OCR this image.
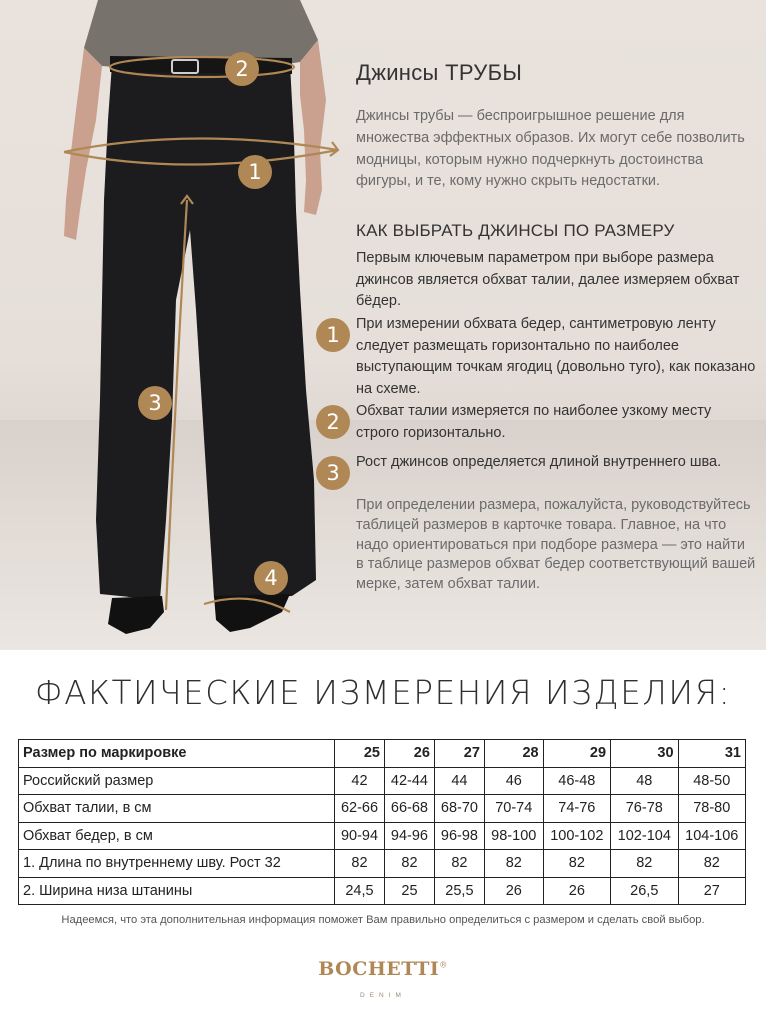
2
1
3
4
Джинсы ТРУБЫ
Джинсы трубы — беспроигрышное решение для множества эффектных образов. Их могут себе позволить модницы, которым нужно подчеркнуть достоинства фигуры, и те, кому нужно скрыть недостатки.
КАК ВЫБРАТЬ ДЖИНСЫ ПО РАЗМЕРУ
Первым ключевым параметром при выборе размера джинсов является обхват талии, далее измеряем обхват бёдер.
1	При измерении обхвата бедер, сантиметровую ленту следует размещать горизонтально по наиболее выступающим точкам ягодиц (довольно туго), как показано на схеме.
2	Обхват талии измеряется по наиболее узкому месту строго горизонтально.
3	Рост джинсов определяется длиной внутреннего шва.
При определении размера, пожалуйста, руководствуйтесь таблицей размеров в карточке товара. Главное, на что надо ориентироваться при подборе размера — это найти в таблице размеров обхват бедер соответствующий вашей мерке, затем обхват талии.
ФАКТИЧЕСКИЕ ИЗМЕРЕНИЯ ИЗДЕЛИЯ:
Размер по маркировке	25	26	27	28	29	30	31
Российский размер	42	42-44	44	46	46-48	48	48-50
Обхват талии, в см	62-66	66-68	68-70	70-74	74-76	76-78	78-80
Обхват бедер, в см	90-94	94-96	96-98	98-100	100-102	102-104	104-106
1. Длина по внутреннему шву. Рост 32	82	82	82	82	82	82	82
2. Ширина низа штанины	24,5	25	25,5	26	26	26,5	27
Надеемся, что эта дополнительная информация поможет Вам правильно определиться с размером и сделать свой выбор.
BOCHETTI®
DENIM
